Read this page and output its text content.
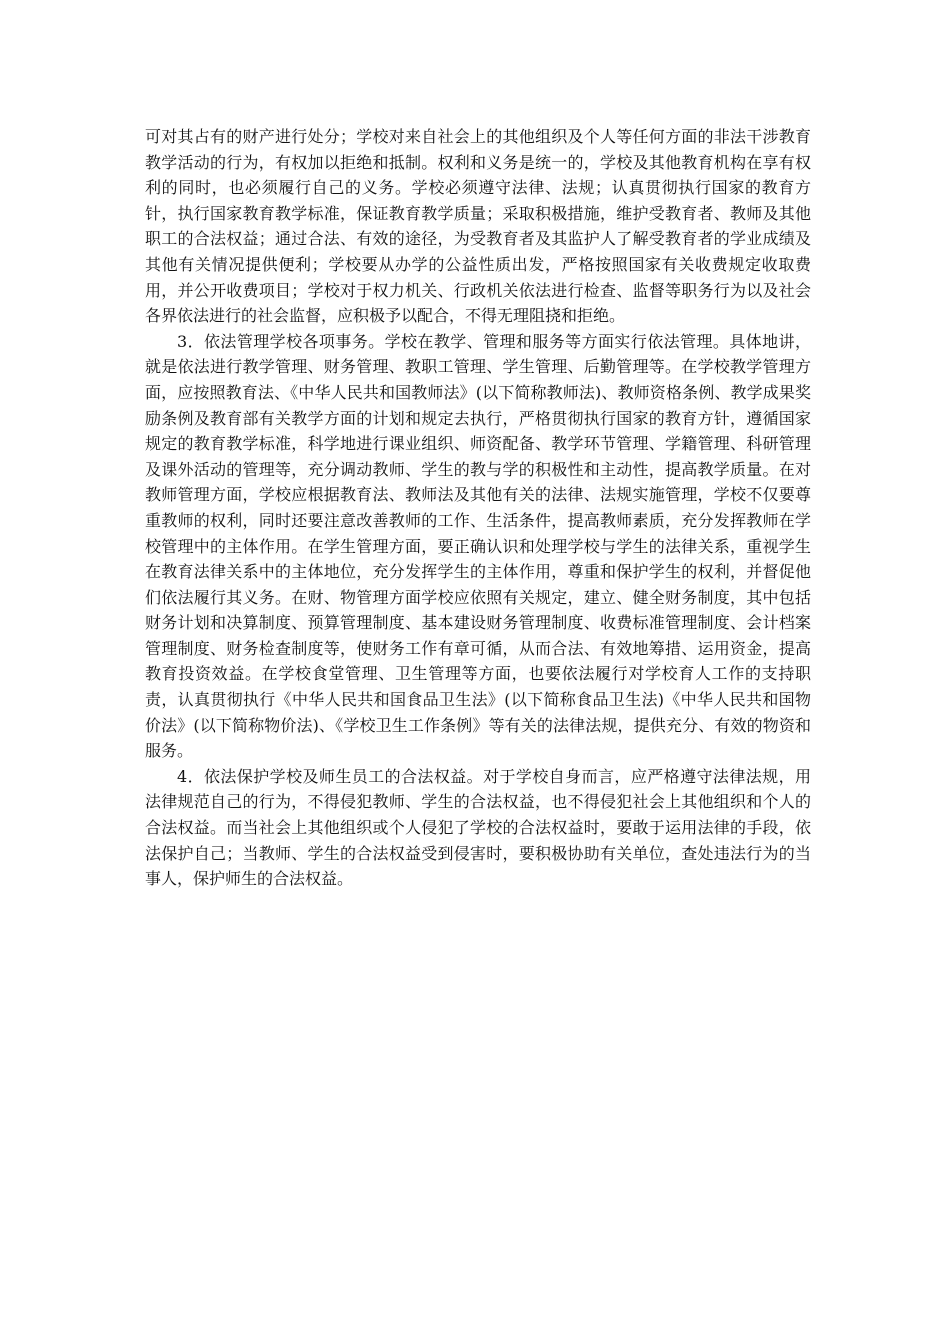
可对其占有的财产进行处分；学校对来自社会上的其他组织及个人等任何方面的非法干涉教育教学活动的行为，有权加以拒绝和抵制。权利和义务是统一的，学校及其他教育机构在享有权利的同时，也必须履行自己的义务。学校必须遵守法律、法规；认真贯彻执行国家的教育方针，执行国家教育教学标准，保证教育教学质量；采取积极措施，维护受教育者、教师及其他职工的合法权益；通过合法、有效的途径，为受教育者及其监护人了解受教育者的学业成绩及其他有关情况提供便利；学校要从办学的公益性质出发，严格按照国家有关收费规定收取费用，并公开收费项目；学校对于权力机关、行政机关依法进行检查、监督等职务行为以及社会各界依法进行的社会监督，应积极予以配合，不得无理阻挠和拒绝。

3．依法管理学校各项事务。学校在教学、管理和服务等方面实行依法管理。具体地讲，就是依法进行教学管理、财务管理、教职工管理、学生管理、后勤管理等。在学校教学管理方面，应按照教育法、《中华人民共和国教师法》(以下简称教师法)、教师资格条例、教学成果奖励条例及教育部有关教学方面的计划和规定去执行，严格贯彻执行国家的教育方针，遵循国家规定的教育教学标准，科学地进行课业组织、师资配备、教学环节管理、学籍管理、科研管理及课外活动的管理等，充分调动教师、学生的教与学的积极性和主动性，提高教学质量。在对教师管理方面，学校应根据教育法、教师法及其他有关的法律、法规实施管理，学校不仅要尊重教师的权利，同时还要注意改善教师的工作、生活条件，提高教师素质，充分发挥教师在学校管理中的主体作用。在学生管理方面，要正确认识和处理学校与学生的法律关系，重视学生在教育法律关系中的主体地位，充分发挥学生的主体作用，尊重和保护学生的权利，并督促他们依法履行其义务。在财、物管理方面学校应依照有关规定，建立、健全财务制度，其中包括财务计划和决算制度、预算管理制度、基本建设财务管理制度、收费标准管理制度、会计档案管理制度、财务检查制度等，使财务工作有章可循，从而合法、有效地筹措、运用资金，提高教育投资效益。在学校食堂管理、卫生管理等方面，也要依法履行对学校育人工作的支持职责，认真贯彻执行《中华人民共和国食品卫生法》(以下简称食品卫生法)《中华人民共和国物价法》(以下简称物价法)、《学校卫生工作条例》等有关的法律法规，提供充分、有效的物资和服务。

4．依法保护学校及师生员工的合法权益。对于学校自身而言，应严格遵守法律法规，用法律规范自己的行为，不得侵犯教师、学生的合法权益，也不得侵犯社会上其他组织和个人的合法权益。而当社会上其他组织或个人侵犯了学校的合法权益时，要敢于运用法律的手段，依法保护自己；当教师、学生的合法权益受到侵害时，要积极协助有关单位，查处违法行为的当事人，保护师生的合法权益。
